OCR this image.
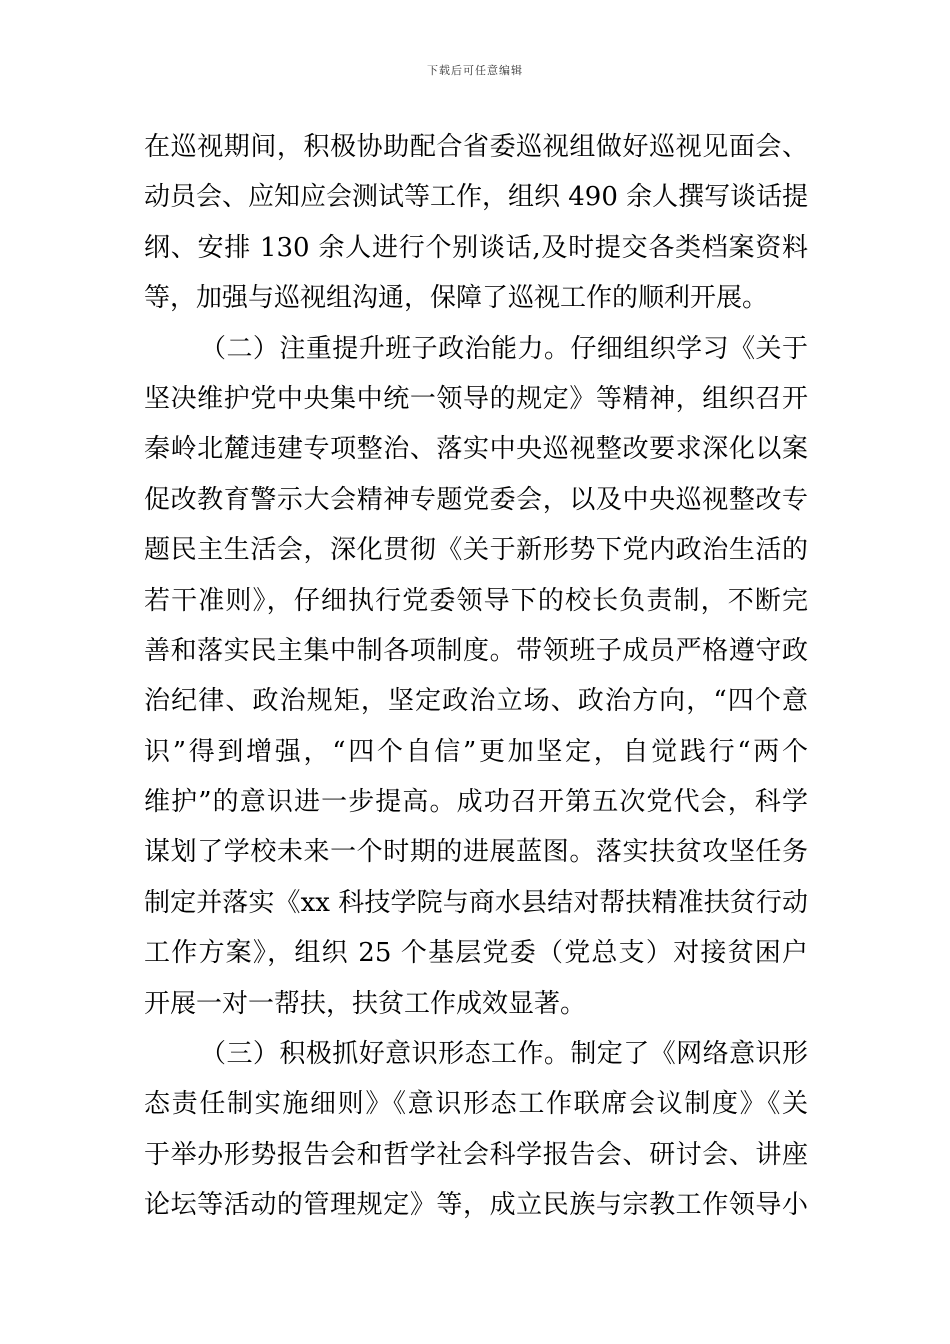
下载后可任意编辑
在巡视期间，积极协助配合省委巡视组做好巡视见面会、
动员会、应知应会测试等工作，组织 490 余人撰写谈话提
纲、安排 130 余人进行个别谈话,及时提交各类档案资料
等，加强与巡视组沟通，保障了巡视工作的顺利开展。
（二）注重提升班子政治能力。仔细组织学习《关于
坚决维护党中央集中统一领导的规定》等精神，组织召开
秦岭北麓违建专项整治、落实中央巡视整改要求深化以案
促改教育警示大会精神专题党委会，以及中央巡视整改专
题民主生活会，深化贯彻《关于新形势下党内政治生活的
若干准则》，仔细执行党委领导下的校长负责制，不断完
善和落实民主集中制各项制度。带领班子成员严格遵守政
治纪律、政治规矩，坚定政治立场、政治方向，“四个意
识”得到增强，“四个自信”更加坚定，自觉践行“两个
维护”的意识进一步提高。成功召开第五次党代会，科学
谋划了学校未来一个时期的进展蓝图。落实扶贫攻坚任务
制定并落实《xx 科技学院与商水县结对帮扶精准扶贫行动
工作方案》，组织 25 个基层党委（党总支）对接贫困户
开展一对一帮扶，扶贫工作成效显著。
（三）积极抓好意识形态工作。制定了《网络意识形
态责任制实施细则》《意识形态工作联席会议制度》《关
于举办形势报告会和哲学社会科学报告会、研讨会、讲座
论坛等活动的管理规定》等，成立民族与宗教工作领导小
